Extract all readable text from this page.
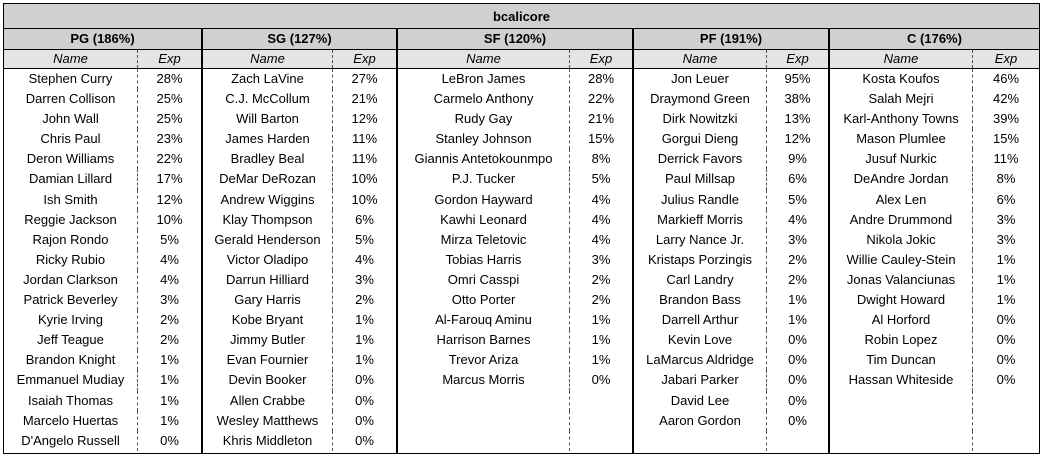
bcalicore
PG (186%)
Name	Exp
Stephen Curry	28%
Darren Collison	25%
John Wall	25%
Chris Paul	23%
Deron Williams	22%
Damian Lillard	17%
Ish Smith	12%
Reggie Jackson	10%
Rajon Rondo	5%
Ricky Rubio	4%
Jordan Clarkson	4%
Patrick Beverley	3%
Kyrie Irving	2%
Jeff Teague	2%
Brandon Knight	1%
Emmanuel Mudiay	1%
Isaiah Thomas	1%
Marcelo Huertas	1%
D'Angelo Russell	0%
SG (127%)
Name	Exp
Zach LaVine	27%
C.J. McCollum	21%
Will Barton	12%
James Harden	11%
Bradley Beal	11%
DeMar DeRozan	10%
Andrew Wiggins	10%
Klay Thompson	6%
Gerald Henderson	5%
Victor Oladipo	4%
Darrun Hilliard	3%
Gary Harris	2%
Kobe Bryant	1%
Jimmy Butler	1%
Evan Fournier	1%
Devin Booker	0%
Allen Crabbe	0%
Wesley Matthews	0%
Khris Middleton	0%
SF (120%)
Name	Exp
LeBron James	28%
Carmelo Anthony	22%
Rudy Gay	21%
Stanley Johnson	15%
Giannis Antetokounmpo	8%
P.J. Tucker	5%
Gordon Hayward	4%
Kawhi Leonard	4%
Mirza Teletovic	4%
Tobias Harris	3%
Omri Casspi	2%
Otto Porter	2%
Al-Farouq Aminu	1%
Harrison Barnes	1%
Trevor Ariza	1%
Marcus Morris	0%
PF (191%)
Name	Exp
Jon Leuer	95%
Draymond Green	38%
Dirk Nowitzki	13%
Gorgui Dieng	12%
Derrick Favors	9%
Paul Millsap	6%
Julius Randle	5%
Markieff Morris	4%
Larry Nance Jr.	3%
Kristaps Porzingis	2%
Carl Landry	2%
Brandon Bass	1%
Darrell Arthur	1%
Kevin Love	0%
LaMarcus Aldridge	0%
Jabari Parker	0%
David Lee	0%
Aaron Gordon	0%
C (176%)
Name	Exp
Kosta Koufos	46%
Salah Mejri	42%
Karl-Anthony Towns	39%
Mason Plumlee	15%
Jusuf Nurkic	11%
DeAndre Jordan	8%
Alex Len	6%
Andre Drummond	3%
Nikola Jokic	3%
Willie Cauley-Stein	1%
Jonas Valanciunas	1%
Dwight Howard	1%
Al Horford	0%
Robin Lopez	0%
Tim Duncan	0%
Hassan Whiteside	0%
